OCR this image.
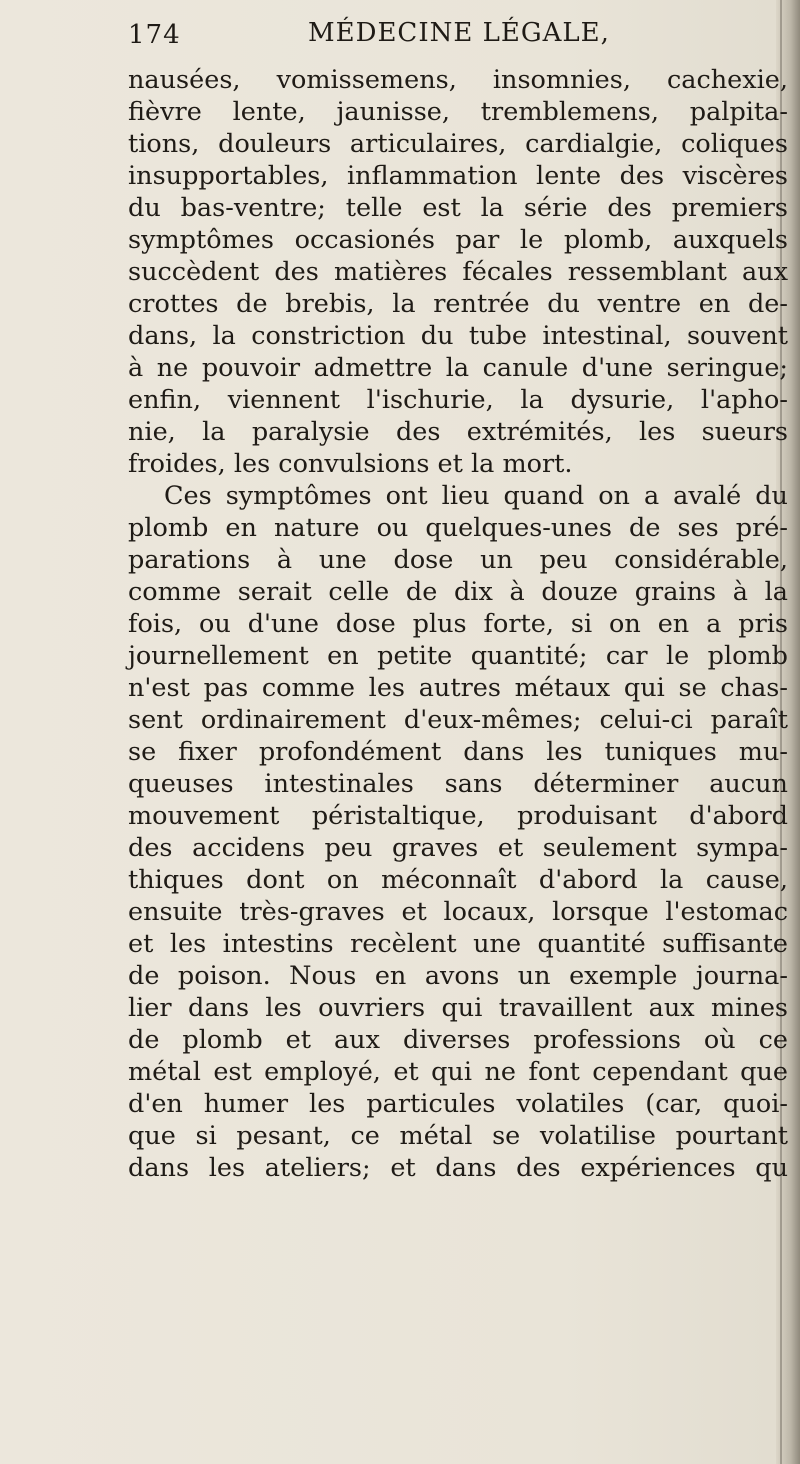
174	MÉDECINE LÉGALE,
nausées, vomissemens, insomnies, cachexie,
fièvre lente, jaunisse, tremblemens, palpita-
tions, douleurs articulaires, cardialgie, coliques
insupportables, inflammation lente des viscères
du bas-ventre; telle est la série des premiers
symptômes occasionés par le plomb, auxquels
succèdent des matières fécales ressemblant aux
crottes de brebis, la rentrée du ventre en de-
dans, la constriction du tube intestinal, souvent
à ne pouvoir admettre la canule d'une seringue;
enfin, viennent l'ischurie, la dysurie, l'apho-
nie, la paralysie des extrémités, les sueurs
froides, les convulsions et la mort.
Ces symptômes ont lieu quand on a avalé du
plomb en nature ou quelques-unes de ses pré-
parations à une dose un peu considérable,
comme serait celle de dix à douze grains à la
fois, ou d'une dose plus forte, si on en a pris
journellement en petite quantité; car le plomb
n'est pas comme les autres métaux qui se chas-
sent ordinairement d'eux-mêmes; celui-ci paraît
se fixer profondément dans les tuniques mu-
queuses intestinales sans déterminer aucun
mouvement péristaltique, produisant d'abord
des accidens peu graves et seulement sympa-
thiques dont on méconnaît d'abord la cause,
ensuite très-graves et locaux, lorsque l'estomac
et les intestins recèlent une quantité suffisante
de poison. Nous en avons un exemple journa-
lier dans les ouvriers qui travaillent aux mines
de plomb et aux diverses professions où ce
métal est employé, et qui ne font cependant que
d'en humer les particules volatiles (car, quoi-
que si pesant, ce métal se volatilise pourtant
dans les ateliers; et dans des expériences qu
